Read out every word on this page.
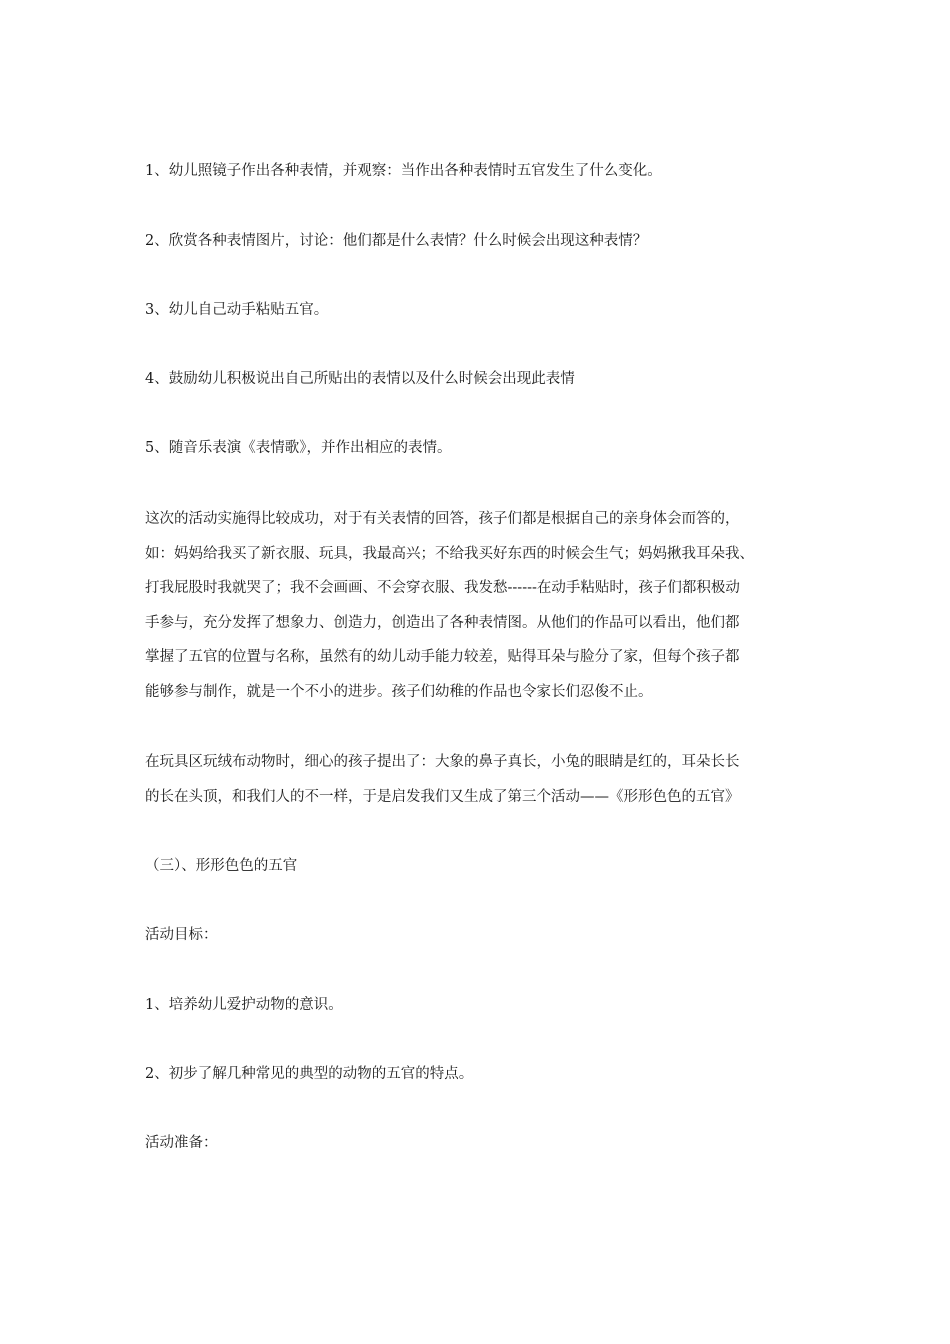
1、幼儿照镜子作出各种表情，并观察：当作出各种表情时五官发生了什么变化。

2、欣赏各种表情图片，讨论：他们都是什么表情？什么时候会出现这种表情？

3、幼儿自己动手粘贴五官。

4、鼓励幼儿积极说出自己所贴出的表情以及什么时候会出现此表情

5、随音乐表演《表情歌》，并作出相应的表情。

这次的活动实施得比较成功，对于有关表情的回答，孩子们都是根据自己的亲身体会而答的，
如：妈妈给我买了新衣服、玩具，我最高兴；不给我买好东西的时候会生气；妈妈揪我耳朵我、
打我屁股时我就哭了；我不会画画、不会穿衣服、我发愁------在动手粘贴时，孩子们都积极动
手参与，充分发挥了想象力、创造力，创造出了各种表情图。从他们的作品可以看出，他们都
掌握了五官的位置与名称，虽然有的幼儿动手能力较差，贴得耳朵与脸分了家，但每个孩子都
能够参与制作，就是一个不小的进步。孩子们幼稚的作品也令家长们忍俊不止。
在玩具区玩绒布动物时，细心的孩子提出了：大象的鼻子真长，小兔的眼睛是红的，耳朵长长
的长在头顶，和我们人的不一样，于是启发我们又生成了第三个活动——《形形色色的五官》

（三）、形形色色的五官

活动目标：

1、培养幼儿爱护动物的意识。

2、初步了解几种常见的典型的动物的五官的特点。

活动准备：
